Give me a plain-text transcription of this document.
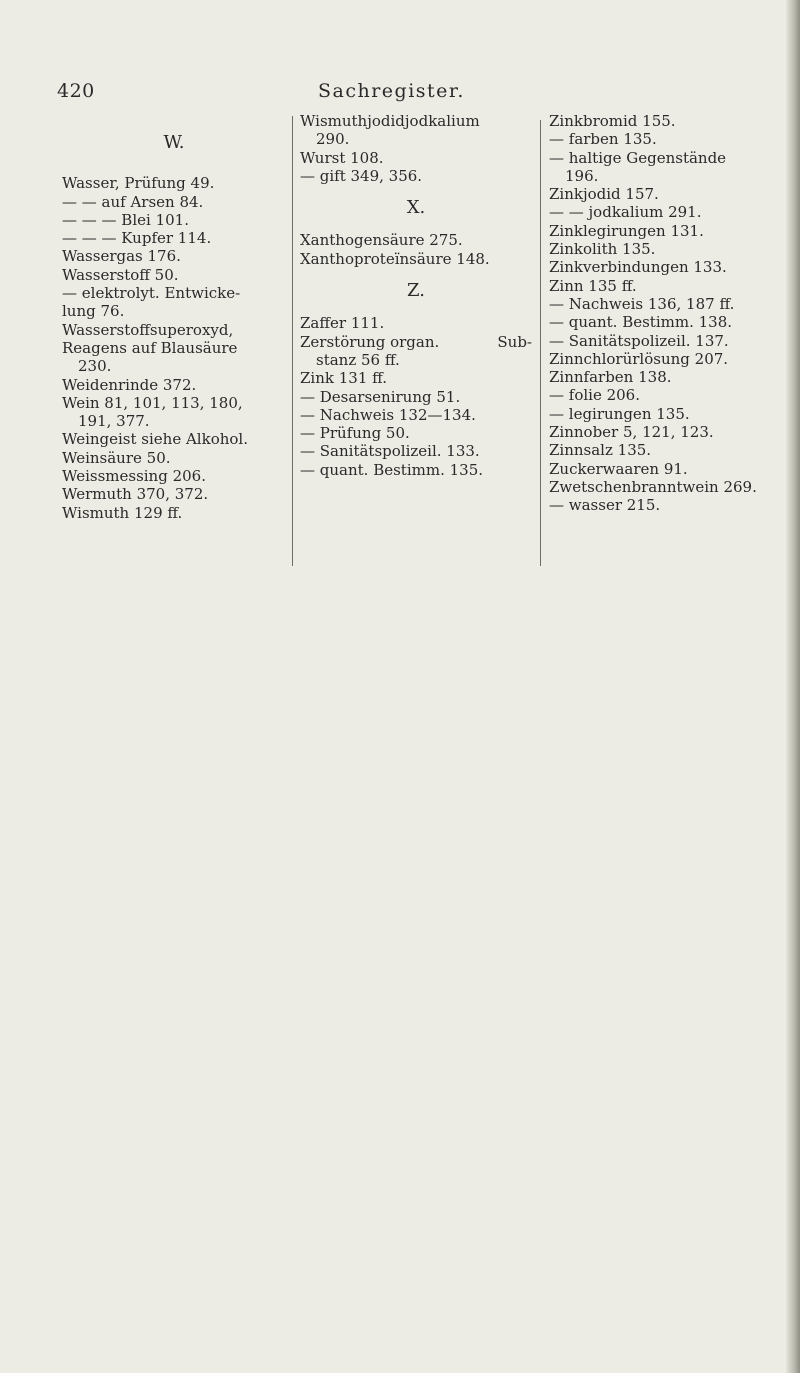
420	Sachregister.
W.
Wasser, Prüfung 49.
— — auf Arsen 84.
— — — Blei 101.
— — — Kupfer 114.
Wassergas 176.
Wasserstoff 50.
— elektrolyt. Entwicke-
lung 76.
Wasserstoffsuperoxyd,
Reagens auf Blausäure
230.
Weidenrinde 372.
Wein 81, 101, 113, 180,
191, 377.
Weingeist siehe Alkohol.
Weinsäure 50.
Weissmessing 206.
Wermuth 370, 372.
Wismuth 129 ff.
Wismuthjodidjodkalium
290.
Wurst 108.
— gift 349, 356.
X.
Xanthogensäure 275.
Xanthoproteïnsäure 148.
Z.
Zaffer 111.
Zerstörung organ.	Sub-
stanz 56 ff.
Zink 131 ff.
— Desarsenirung 51.
— Nachweis 132—134.
— Prüfung 50.
— Sanitätspolizeil. 133.
— quant. Bestimm. 135.
Zinkbromid 155.
— farben 135.
— haltige Gegenstände
196.
Zinkjodid 157.
— — jodkalium 291.
Zinklegirungen 131.
Zinkolith 135.
Zinkverbindungen 133.
Zinn 135 ff.
— Nachweis 136, 187 ff.
— quant. Bestimm. 138.
— Sanitätspolizeil. 137.
Zinnchlorürlösung 207.
Zinnfarben 138.
— folie 206.
— legirungen 135.
Zinnober 5, 121, 123.
Zinnsalz 135.
Zuckerwaaren 91.
Zwetschenbranntwein 269.
— wasser 215.
